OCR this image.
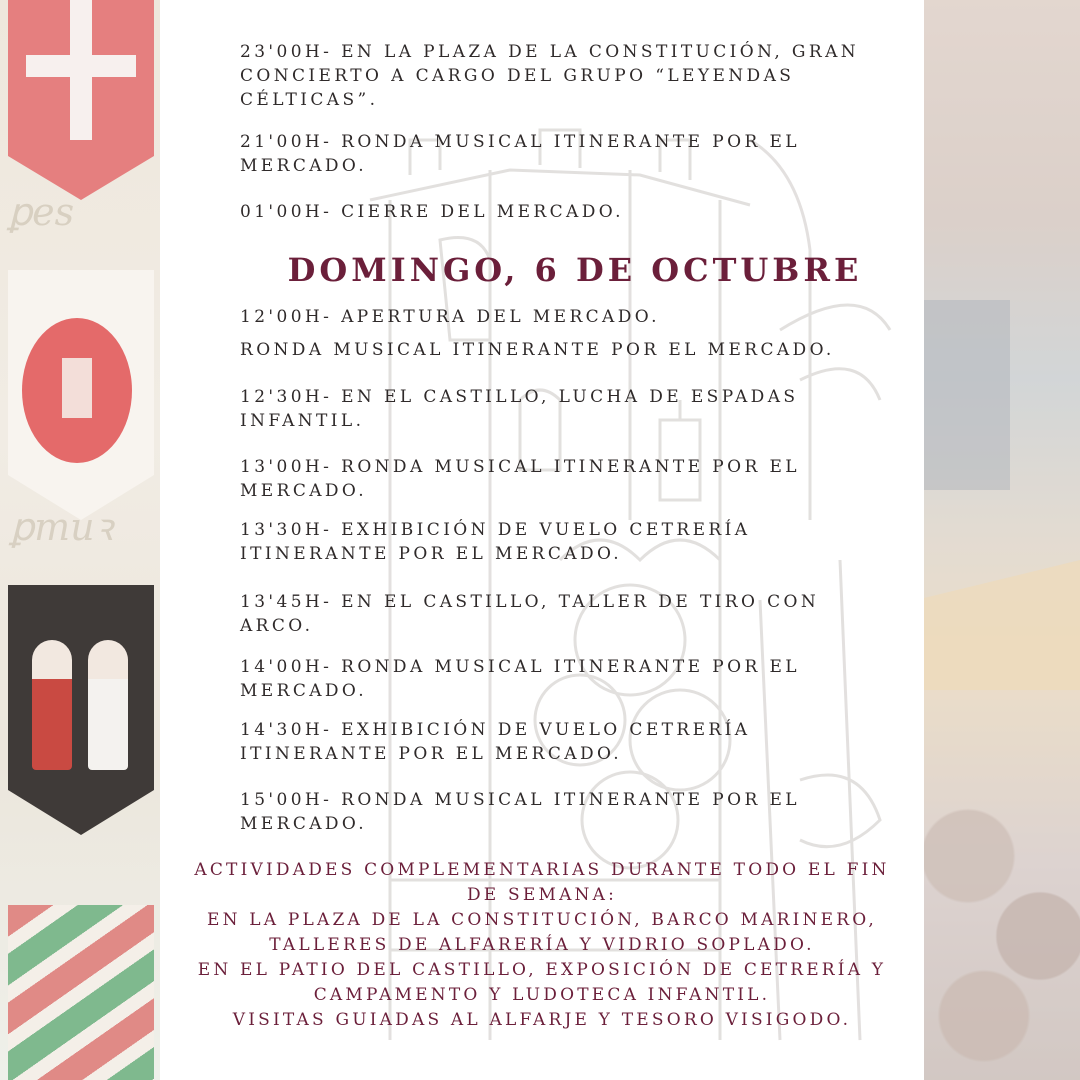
ꝑes
ꝑmuꝛ

23'00H- EN LA PLAZA DE LA CONSTITUCIÓN, GRAN CONCIERTO A CARGO DEL GRUPO “LEYENDAS CÉLTICAS”.

21'00H- RONDA MUSICAL ITINERANTE POR EL MERCADO.

01'00H- CIERRE DEL MERCADO.

DOMINGO, 6 DE OCTUBRE

12'00H- APERTURA DEL MERCADO.

RONDA MUSICAL ITINERANTE POR EL MERCADO.

12'30H- EN EL CASTILLO, LUCHA DE ESPADAS INFANTIL.

13'00H- RONDA MUSICAL ITINERANTE POR EL MERCADO.

13'30H- EXHIBICIÓN DE VUELO CETRERÍA ITINERANTE POR EL MERCADO.

13'45H- EN EL CASTILLO, TALLER DE TIRO CON ARCO.

14'00H- RONDA MUSICAL ITINERANTE POR EL MERCADO.

14'30H- EXHIBICIÓN DE VUELO CETRERÍA ITINERANTE POR EL MERCADO.

15'00H- RONDA MUSICAL ITINERANTE POR EL MERCADO.

ACTIVIDADES COMPLEMENTARIAS DURANTE TODO EL FIN DE SEMANA:

EN LA PLAZA DE LA CONSTITUCIÓN, BARCO MARINERO, TALLERES DE ALFARERÍA Y VIDRIO SOPLADO.

EN EL PATIO DEL CASTILLO, EXPOSICIÓN DE CETRERÍA Y CAMPAMENTO Y LUDOTECA INFANTIL.

VISITAS GUIADAS AL ALFARJE Y TESORO VISIGODO.
